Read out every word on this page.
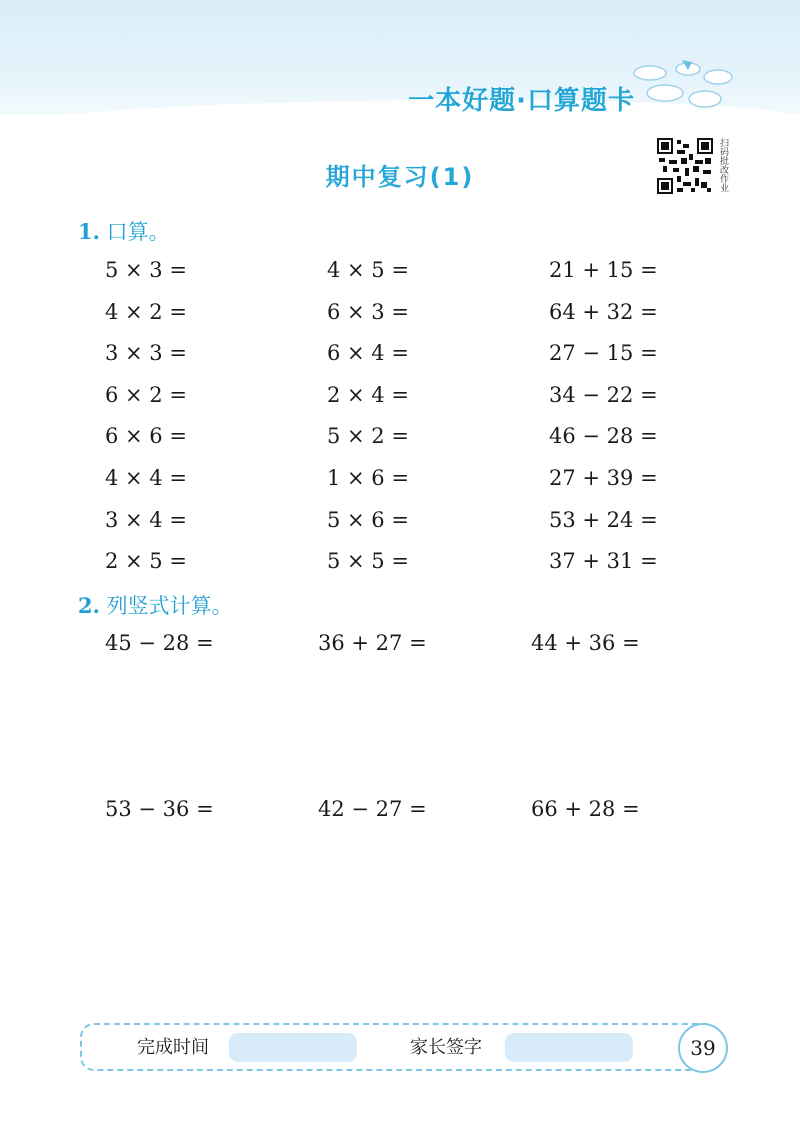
一本好题·口算题卡
扫码批改作业
期中复习(1)
1. 口算。
5 × 3 =	4 × 5 =	21 + 15 =
4 × 2 =	6 × 3 =	64 + 32 =
3 × 3 =	6 × 4 =	27 − 15 =
6 × 2 =	2 × 4 =	34 − 22 =
6 × 6 =	5 × 2 =	46 − 28 =
4 × 4 =	1 × 6 =	27 + 39 =
3 × 4 =	5 × 6 =	53 + 24 =
2 × 5 =	5 × 5 =	37 + 31 =
2. 列竖式计算。
45 − 28 =	36 + 27 =	44 + 36 =
53 − 36 =	42 − 27 =	66 + 28 =
完成时间	家长签字	39
